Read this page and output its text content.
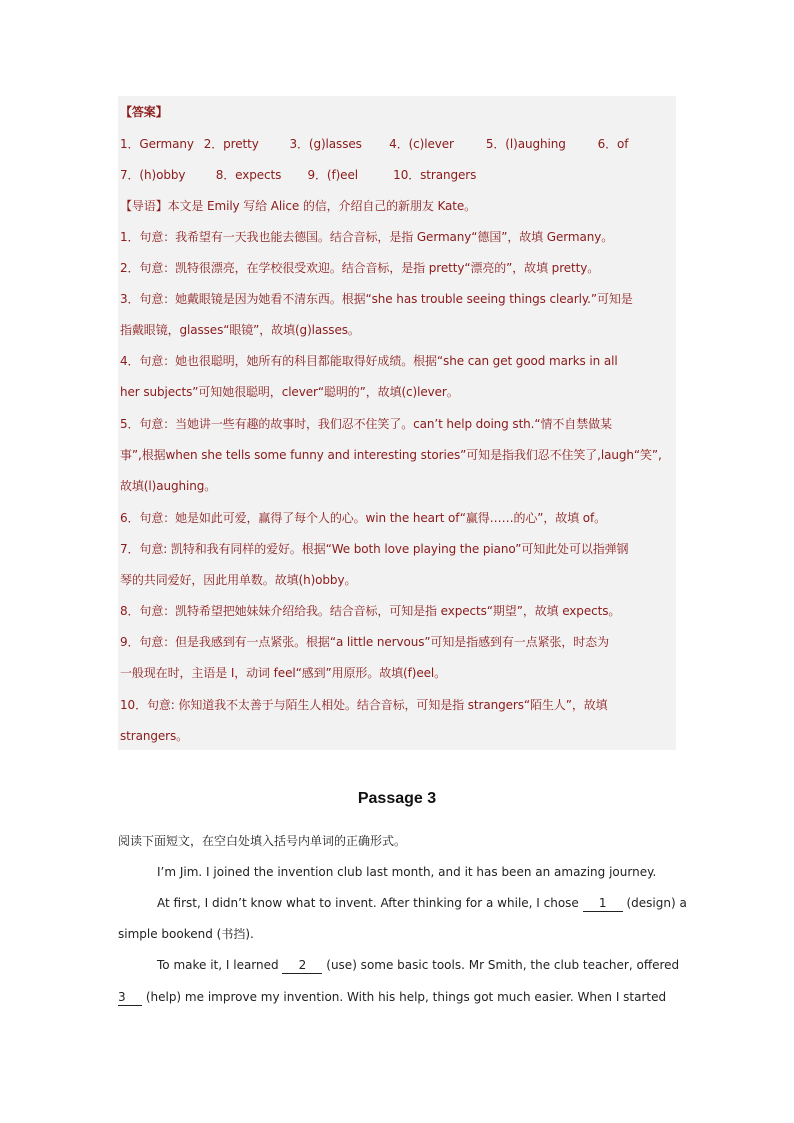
【答案】
1．Germany 2．pretty	3．(g)lasses 4．(c)lever	5．(l)aughing	6．of
7．(h)obby	8．expects 9．(f)eel	10．strangers
【导语】本文是 Emily 写给 Alice 的信，介绍自己的新朋友 Kate。
1．句意：我希望有一天我也能去德国。结合音标，是指 Germany“德国”，故填 Germany。
2．句意：凯特很漂亮，在学校很受欢迎。结合音标，是指 pretty“漂亮的”，故填 pretty。
3．句意：她戴眼镜是因为她看不清东西。根据“she has trouble seeing things clearly.”可知是
指戴眼镜，glasses“眼镜”，故填(g)lasses。
4．句意：她也很聪明，她所有的科目都能取得好成绩。根据“she can get good marks in all
her subjects”可知她很聪明，clever“聪明的”，故填(c)lever。
5．句意：当她讲一些有趣的故事时，我们忍不住笑了。can’t help doing sth.“情不自禁做某
事”,根据when she tells some funny and interesting stories”可知是指我们忍不住笑了,laugh“笑”,
故填(l)aughing。
6．句意：她是如此可爱，赢得了每个人的心。win the heart of“赢得……的心”，故填 of。
7．句意: 凯特和我有同样的爱好。根据“We both love playing the piano”可知此处可以指弹钢
琴的共同爱好，因此用单数。故填(h)obby。
8．句意：凯特希望把她妹妹介绍给我。结合音标，可知是指 expects“期望”，故填 expects。
9．句意：但是我感到有一点紧张。根据“a little nervous”可知是指感到有一点紧张，时态为
一般现在时，主语是 I，动词 feel“感到”用原形。故填(f)eel。
10．句意: 你知道我不太善于与陌生人相处。结合音标，可知是指 strangers“陌生人”，故填
strangers。
Passage 3
阅读下面短文，在空白处填入括号内单词的正确形式。
I’m Jim. I joined the invention club last month, and it has been an amazing journey.
At first, I didn’t know what to invent. After thinking for a while, I chose 1 (design) a
simple bookend (书挡).
To make it, I learned 2 (use) some basic tools. Mr Smith, the club teacher, offered
3 (help) me improve my invention. With his help, things got much easier. When I started
